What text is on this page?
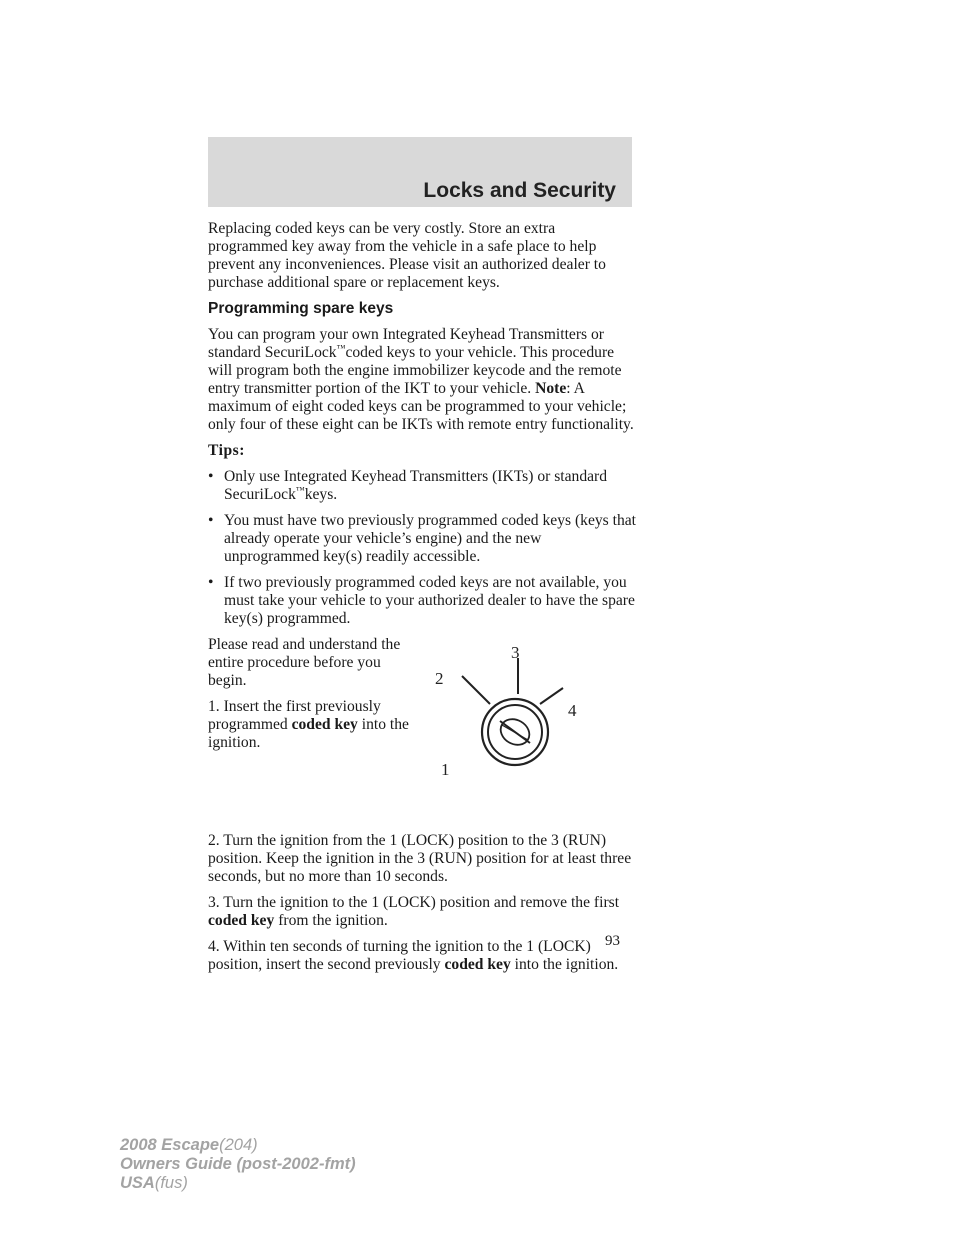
Locks and Security

Replacing coded keys can be very costly. Store an extra programmed key away from the vehicle in a safe place to help prevent any inconveniences. Please visit an authorized dealer to purchase additional spare or replacement keys.

Programming spare keys

You can program your own Integrated Keyhead Transmitters or standard SecuriLock™coded keys to your vehicle. This procedure will program both the engine immobilizer keycode and the remote entry transmitter portion of the IKT to your vehicle. Note: A maximum of eight coded keys can be programmed to your vehicle; only four of these eight can be IKTs with remote entry functionality.

Tips:
• Only use Integrated Keyhead Transmitters (IKTs) or standard SecuriLock™keys.
• You must have two previously programmed coded keys (keys that already operate your vehicle’s engine) and the new unprogrammed key(s) readily accessible.
• If two previously programmed coded keys are not available, you must take your vehicle to your authorized dealer to have the spare key(s) programmed.

Please read and understand the entire procedure before you begin.

1. Insert the first previously programmed coded key into the ignition.

3
2
4
1

2. Turn the ignition from the 1 (LOCK) position to the 3 (RUN) position. Keep the ignition in the 3 (RUN) position for at least three seconds, but no more than 10 seconds.

3. Turn the ignition to the 1 (LOCK) position and remove the first coded key from the ignition.

4. Within ten seconds of turning the ignition to the 1 (LOCK) position, insert the second previously coded key into the ignition.

93
2008 Escape(204)
Owners Guide (post-2002-fmt)
USA(fus)
